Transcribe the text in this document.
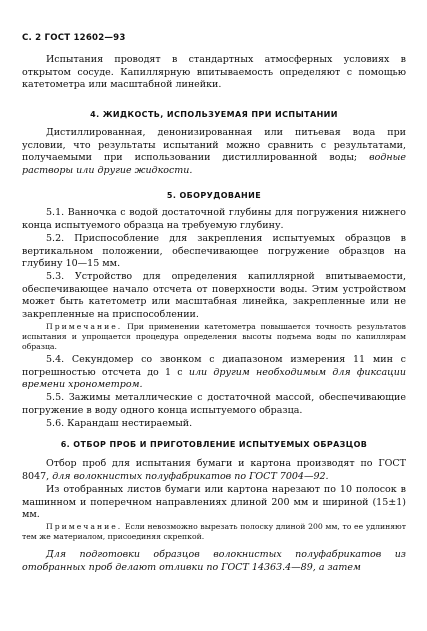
С. 2 ГОСТ 12602—93
Испытания проводят в стандартных атмосферных условиях в открытом сосуде. Капиллярную впитываемость определяют с помощью катетометра или масштабной линейки.
4. ЖИДКОСТЬ, ИСПОЛЬЗУЕМАЯ ПРИ ИСПЫТАНИИ
Дистиллированная, денонизированная или питьевая вода при условии, что результаты испытаний можно сравнить с результатами, получаемыми при использовании дистиллированной воды; водные растворы или другие жидкости.
5. ОБОРУДОВАНИЕ
5.1. Ванночка с водой достаточной глубины для погружения нижнего конца испытуемого образца на требуемую глубину.
5.2. Приспособление для закрепления испытуемых образцов в вертикальном положении, обеспечивающее погружение образцов на глубину 10—15 мм.
5.3. Устройство для определения капиллярной впитываемости, обеспечивающее начало отсчета от поверхности воды. Этим устройством может быть катетометр или масштабная линейка, закрепленные или не закрепленные на приспособлении.
Примечание. При применении катетометра повышается точность результатов испытания и упрощается процедура определения высоты подъема воды по капиллярам образца.
5.4. Секундомер со звонком с диапазоном измерения 11 мин с погрешностью отсчета до 1 с или другим необходимым для фиксации времени хронометром.
5.5. Зажимы металлические с достаточной массой, обеспечивающие погружение в воду одного конца испытуемого образца.
5.6. Карандаш нестираемый.
6. ОТБОР ПРОБ И ПРИГОТОВЛЕНИЕ ИСПЫТУЕМЫХ ОБРАЗЦОВ
Отбор проб для испытания бумаги и картона производят по ГОСТ 8047, для волокнистых полуфабрикатов по ГОСТ 7004—92.
Из отобранных листов бумаги или картона нарезают по 10 полосок в машинном и поперечном направлениях длиной 200 мм и шириной (15±1) мм.
Примечание. Если невозможно вырезать полоску длиной 200 мм, то ее удлиняют тем же материалом, присоединяя скрепкой.
Для подготовки образцов волокнистых полуфабрикатов из отобранных проб делают отливки по ГОСТ 14363.4—89, а затем
